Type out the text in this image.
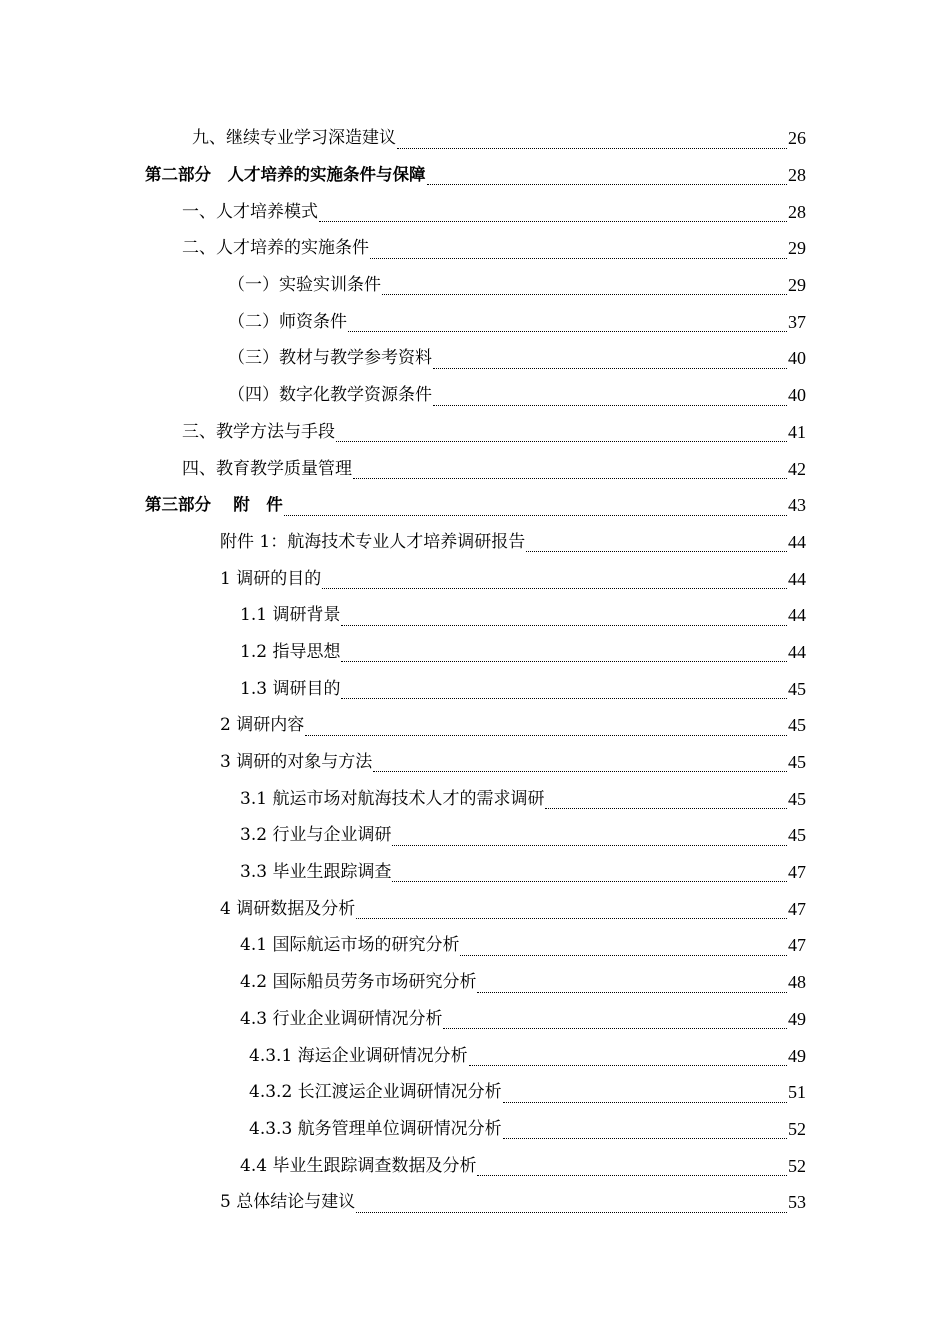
九、继续专业学习深造建议	26
第二部分　人才培养的实施条件与保障	28
一、人才培养模式	28
二、人才培养的实施条件	29
（一）实验实训条件	29
（二）师资条件	37
（三）教材与教学参考资料	40
（四）数字化教学资源条件	40
三、教学方法与手段	41
四、教育教学质量管理	42
第三部分　 附　件	43
附件 1：航海技术专业人才培养调研报告	44
1 调研的目的	44
1.1 调研背景	44
1.2 指导思想	44
1.3 调研目的	45
2 调研内容	45
3 调研的对象与方法	45
3.1 航运市场对航海技术人才的需求调研	45
3.2 行业与企业调研	45
3.3 毕业生跟踪调查	47
4 调研数据及分析	47
4.1 国际航运市场的研究分析	47
4.2 国际船员劳务市场研究分析	48
4.3 行业企业调研情况分析	49
4.3.1 海运企业调研情况分析	49
4.3.2 长江渡运企业调研情况分析	51
4.3.3 航务管理单位调研情况分析	52
4.4 毕业生跟踪调查数据及分析	52
5 总体结论与建议	53
